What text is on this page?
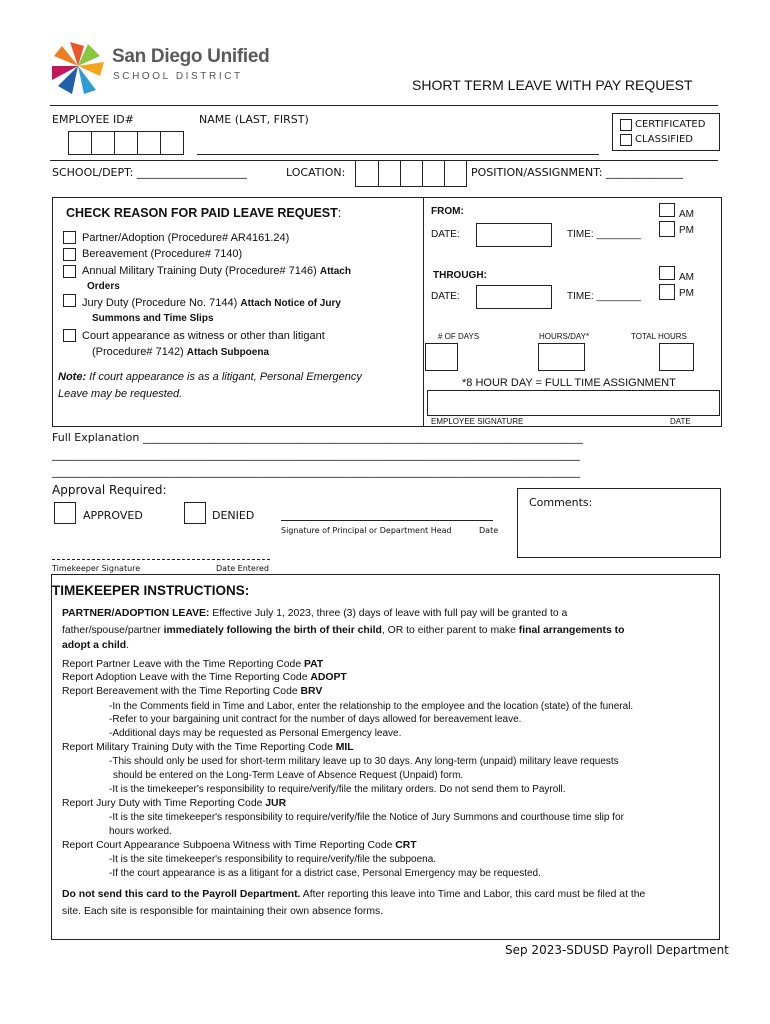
San Diego Unified
SCHOOL DISTRICT
SHORT TERM LEAVE WITH PAY REQUEST
EMPLOYEE ID#	NAME (LAST, FIRST)	CERTIFICATED
CLASSIFIED
SCHOOL/DEPT: ____________________	LOCATION:	POSITION/ASSIGNMENT: ______________
CHECK REASON FOR PAID LEAVE REQUEST:
Partner/Adoption (Procedure# AR4161.24)
Bereavement (Procedure# 7140)
Annual Military Training Duty (Procedure# 7146) Attach
Orders
Jury Duty (Procedure No. 7144) Attach Notice of Jury
Summons and Time Slips
Court appearance as witness or other than litigant
(Procedure# 7142) Attach Subpoena
Note: If court appearance is as a litigant, Personal Emergency
Leave may be requested.
FROM:
DATE:	TIME: ________
AM
PM
THROUGH:
DATE:	TIME: ________
AM
PM
# OF DAYS	HOURS/DAY*	TOTAL HOURS
*8 HOUR DAY = FULL TIME ASSIGNMENT
EMPLOYEE SIGNATURE	DATE
Full Explanation ________________________________________________________________________________
________________________________________________________________________________________________
________________________________________________________________________________________________
Approval Required:
APPROVED	DENIED
Signature of Principal or Department Head	Date
Comments:
Timekeeper Signature	Date Entered
TIMEKEEPER INSTRUCTIONS:
PARTNER/ADOPTION LEAVE: Effective July 1, 2023, three (3) days of leave with full pay will be granted to a
father/spouse/partner immediately following the birth of their child, OR to either parent to make final arrangements to
adopt a child.
Report Partner Leave with the Time Reporting Code PAT
Report Adoption Leave with the Time Reporting Code ADOPT
Report Bereavement with the Time Reporting Code BRV
-In the Comments field in Time and Labor, enter the relationship to the employee and the location (state) of the funeral.
-Refer to your bargaining unit contract for the number of days allowed for bereavement leave.
-Additional days may be requested as Personal Emergency leave.
Report Military Training Duty with the Time Reporting Code MIL
-This should only be used for short-term military leave up to 30 days. Any long-term (unpaid) military leave requests
should be entered on the Long-Term Leave of Absence Request (Unpaid) form.
-It is the timekeeper's responsibility to require/verify/file the military orders. Do not send them to Payroll.
Report Jury Duty with Time Reporting Code JUR
-It is the site timekeeper's responsibility to require/verify/file the Notice of Jury Summons and courthouse time slip for
hours worked.
Report Court Appearance Subpoena Witness with Time Reporting Code CRT
-It is the site timekeeper's responsibility to require/verify/file the subpoena.
-If the court appearance is as a litigant for a district case, Personal Emergency may be requested.
Do not send this card to the Payroll Department. After reporting this leave into Time and Labor, this card must be filed at the
site. Each site is responsible for maintaining their own absence forms.
Sep 2023-SDUSD Payroll Department
